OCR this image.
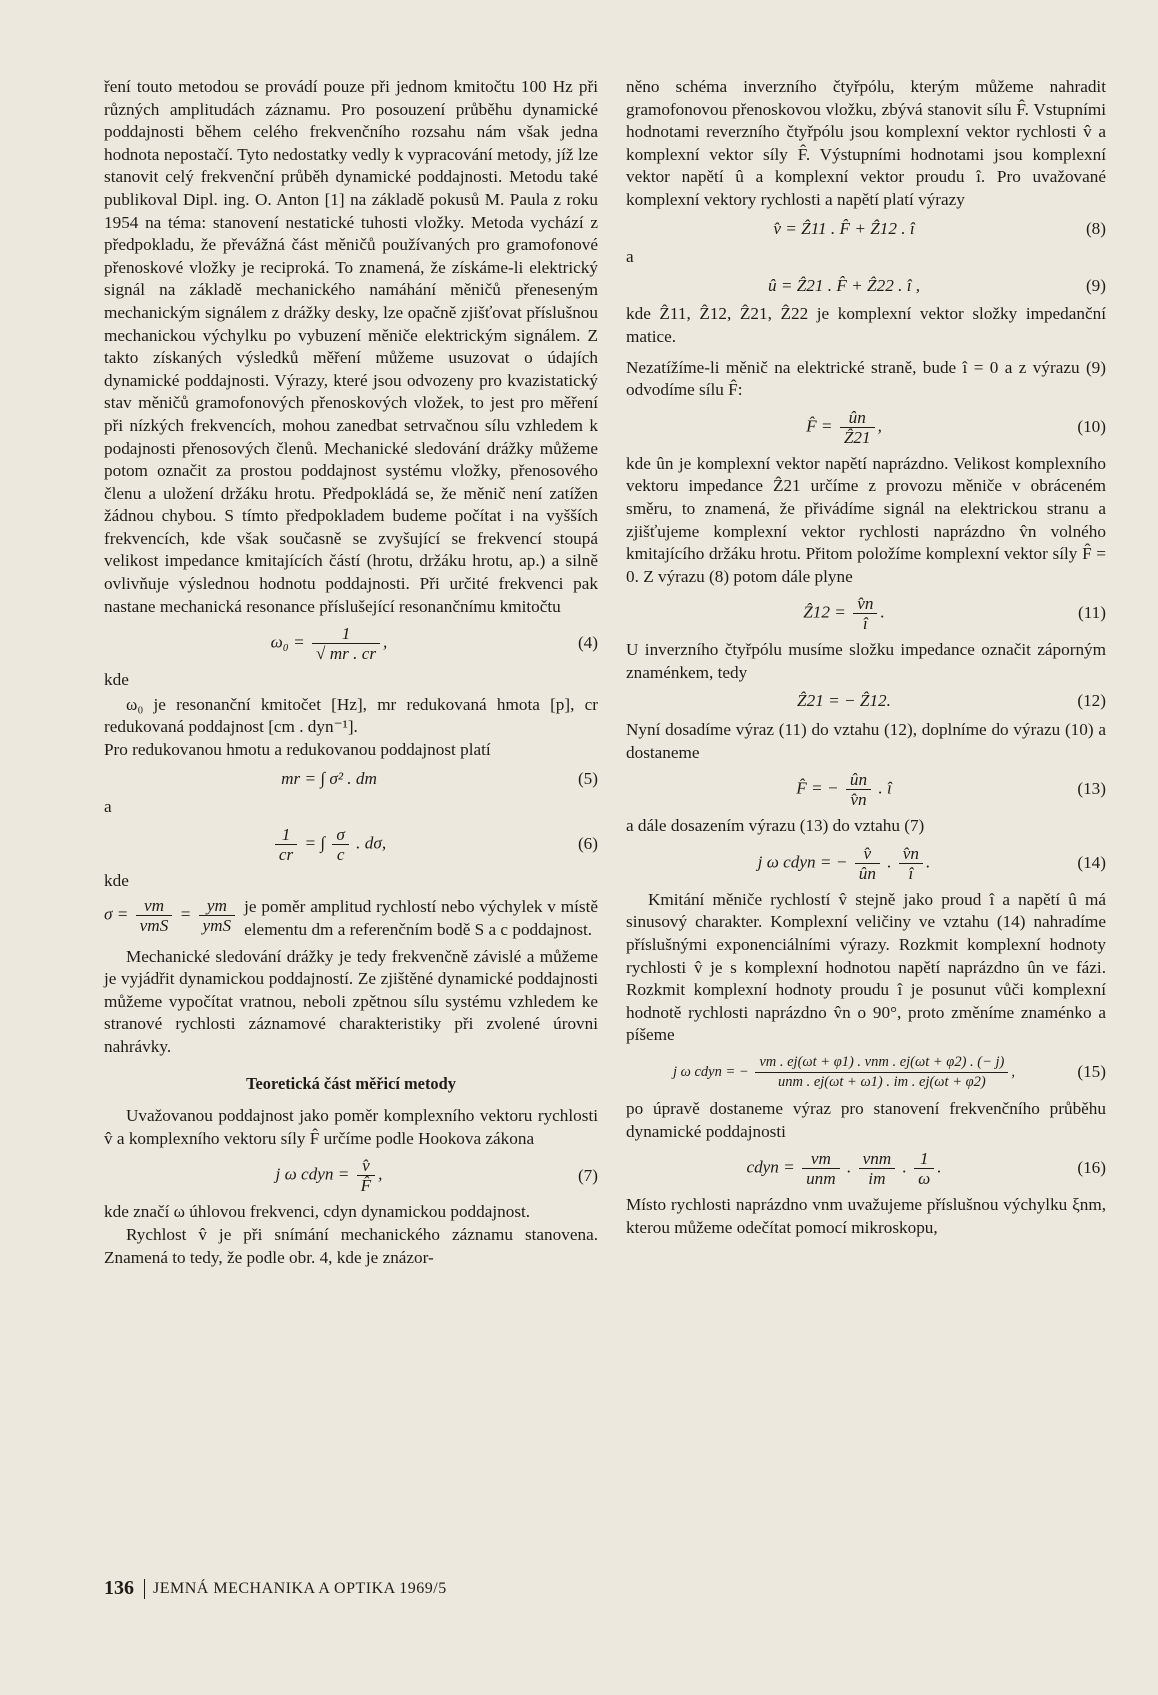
ření touto metodou se provádí pouze při jednom kmitočtu 100 Hz při různých amplitudách záznamu. Pro posouzení průběhu dynamické poddajnosti během celého frekvenčního rozsahu nám však jedna hodnota nepostačí. Tyto nedostatky vedly k vypracování metody, jíž lze stanovit celý frekvenční průběh dynamické poddajnosti. Metodu také publikoval Dipl. ing. O. Anton [1] na základě pokusů M. Paula z roku 1954 na téma: stanovení nestatické tuhosti vložky. Metoda vychází z předpokladu, že převážná část měničů používaných pro gramofonové přenoskové vložky je reciproká. To znamená, že získáme-li elektrický signál na základě mechanického namáhání měničů přeneseným mechanickým signálem z drážky desky, lze opačně zjišťovat příslušnou mechanickou výchylku po vybuzení měniče elektrickým signálem. Z takto získaných výsledků měření můžeme usuzovat o údajích dynamické poddajnosti. Výrazy, které jsou odvozeny pro kvazistatický stav měničů gramofonových přenoskových vložek, to jest pro měření při nízkých frekvencích, mohou zanedbat setrvačnou sílu vzhledem k podajnosti přenosových členů. Mechanické sledování drážky můžeme potom označit za prostou poddajnost systému vložky, přenosového členu a uložení držáku hrotu. Předpokládá se, že měnič není zatížen žádnou chybou. S tímto předpokladem budeme počítat i na vyšších frekvencích, kde však současně se zvyšující se frekvencí stoupá velikost impedance kmitajících částí (hrotu, držáku hrotu, ap.) a silně ovlivňuje výslednou hodnotu poddajnosti. Při určité frekvenci pak nastane mechanická resonance příslušející resonančnímu kmitočtu

$\omega_0 = \frac{1}{√ mr . cr}$ ,	(4)

kde

ω₀ je resonanční kmitočet [Hz], mr redukovaná hmota [p], cr redukovaná poddajnost [cm . dyn⁻¹].

Pro redukovanou hmotu a redukovanou poddajnost platí

mr = ∫ σ² . dm	(5)

a

$\frac{1}{cr}$ = ∫ $\frac{\sigma}{c}$ . dσ,	(6)

kde

$\sigma = \frac{vm}{\text{vmS}} = \frac{ym}{\text{ymS}}$ je poměr amplitud rychlostí nebo výchylek v místě elementu dm a referenčním bodě S a c poddajnost.

Mechanické sledování drážky je tedy frekvenčně závislé a můžeme je vyjádřit dynamickou poddajností. Ze zjištěné dynamické poddajnosti můžeme vypočítat vratnou, neboli zpětnou sílu systému vzhledem ke stranové rychlosti záznamové charakteristiky při zvolené úrovni nahrávky.

Teoretická část měřicí metody

Uvažovanou poddajnost jako poměr komplexního vektoru rychlosti v̂ a komplexního vektoru síly F̂ určíme podle Hookova zákona

j ω cdyn = $\frac{v̂}{F̂}$ ,	(7)

kde značí ω úhlovou frekvenci, cdyn dynamickou poddajnost.

Rychlost v̂ je při snímání mechanického záznamu stanovena. Znamená to tedy, že podle obr. 4, kde je znázor-

něno schéma inverzního čtyřpólu, kterým můžeme nahradit gramofonovou přenoskovou vložku, zbývá stanovit sílu F̂. Vstupními hodnotami reverzního čtyřpólu jsou komplexní vektor rychlosti v̂ a komplexní vektor síly F̂. Výstupními hodnotami jsou komplexní vektor napětí û a komplexní vektor proudu î. Pro uvažované komplexní vektory rychlosti a napětí platí výrazy

v̂ = Ẑ11 . F̂ + Ẑ12 . î	(8)

a

û = Ẑ21 . F̂ + Ẑ22 . î ,	(9)

kde Ẑ11, Ẑ12, Ẑ21, Ẑ22 je komplexní vektor složky impedanční matice.

Nezatížíme-li měnič na elektrické straně, bude î = 0 a z výrazu (9) odvodíme sílu F̂:

F̂ = $\frac{ûn}{\text{Ẑ21}}$ ,	(10)

kde ûn je komplexní vektor napětí naprázdno. Velikost komplexního vektoru impedance Ẑ21 určíme z provozu měniče v obráceném směru, to znamená, že přivádíme signál na elektrickou stranu a zjišťujeme komplexní vektor rychlosti naprázdno v̂n volného kmitajícího držáku hrotu. Přitom položíme komplexní vektor síly F̂ = 0. Z výrazu (8) potom dále plyne

Ẑ12 = $\frac{v̂n}{î}$ .	(11)

U inverzního čtyřpólu musíme složku impedance označit záporným znaménkem, tedy

Ẑ21 = − Ẑ12.	(12)

Nyní dosadíme výraz (11) do vztahu (12), doplníme do výrazu (10) a dostaneme

F̂ = − $\frac{ûn}{v̂n}$ . î	(13)

a dále dosazením výrazu (13) do vztahu (7)

j ω cdyn = − $\frac{v̂}{ûn}$ . $\frac{v̂n}{î}$ .	(14)

Kmitání měniče rychlostí v̂ stejně jako proud î a napětí û má sinusový charakter. Komplexní veličiny ve vztahu (14) nahradíme příslušnými exponenciálními výrazy. Rozkmit komplexní hodnoty rychlosti v̂ je s komplexní hodnotou napětí naprázdno ûn ve fázi. Rozkmit komplexní hodnoty proudu î je posunut vůči komplexní hodnotě rychlosti naprázdno v̂n o 90°, proto změníme znaménko a píšeme

j ω cdyn = − $\frac{\text{vm . ej(ωt + φ1) . vnm . ej(ωt + φ2) . (− j)}}{\text{unm . ej(ωt + ω1) . im . ej(ωt + φ2)}}$ ,	(15)

po úpravě dostaneme výraz pro stanovení frekvenčního průběhu dynamické poddajnosti

cdyn = $\frac{vm}{\text{unm}}$ . $\frac{\text{vnm}}{im}$ . $\frac{1}{\omega}$ .	(16)

Místo rychlosti naprázdno vnm uvažujeme příslušnou výchylku ξnm, kterou můžeme odečítat pomocí mikroskopu,

136 JEMNÁ MECHANIKA A OPTIKA 1969/5
